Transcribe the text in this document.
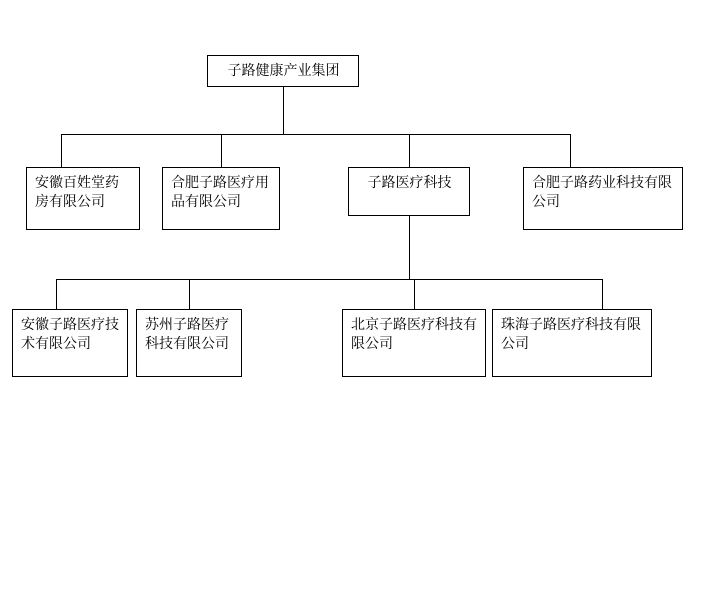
子路健康产业集团
安徽百姓堂药房有限公司
合肥子路医疗用品有限公司
子路医疗科技	合肥子路药业科技有限公司
安徽子路医疗技术有限公司
苏州子路医疗科技有限公司
北京子路医疗科技有限公司
珠海子路医疗科技有限公司
